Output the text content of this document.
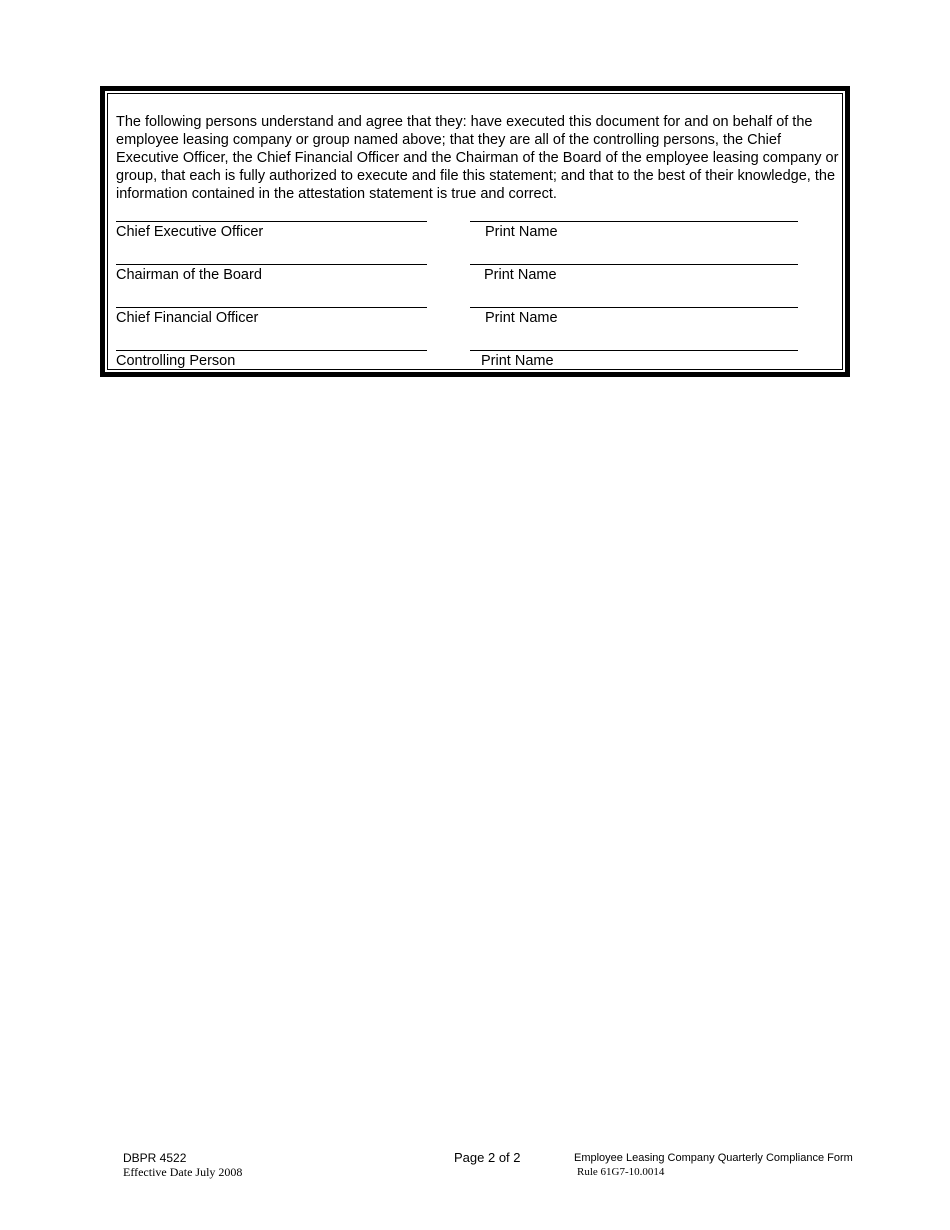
The following persons understand and agree that they: have executed this document for and on behalf of the employee leasing company or group named above; that they are all of the controlling persons, the Chief Executive Officer, the Chief Financial Officer and the Chairman of the Board of the employee leasing company or group, that each is fully authorized to execute and file this statement; and that to the best of their knowledge, the information contained in the attestation statement is true and correct.

Chief Executive Officer	Print Name
Chairman of the Board	Print Name
Chief Financial Officer	Print Name
Controlling Person	Print Name
DBPR 4522
Effective Date July 2008
Page 2 of 2	Employee Leasing Company Quarterly Compliance Form
Rule 61G7-10.0014
